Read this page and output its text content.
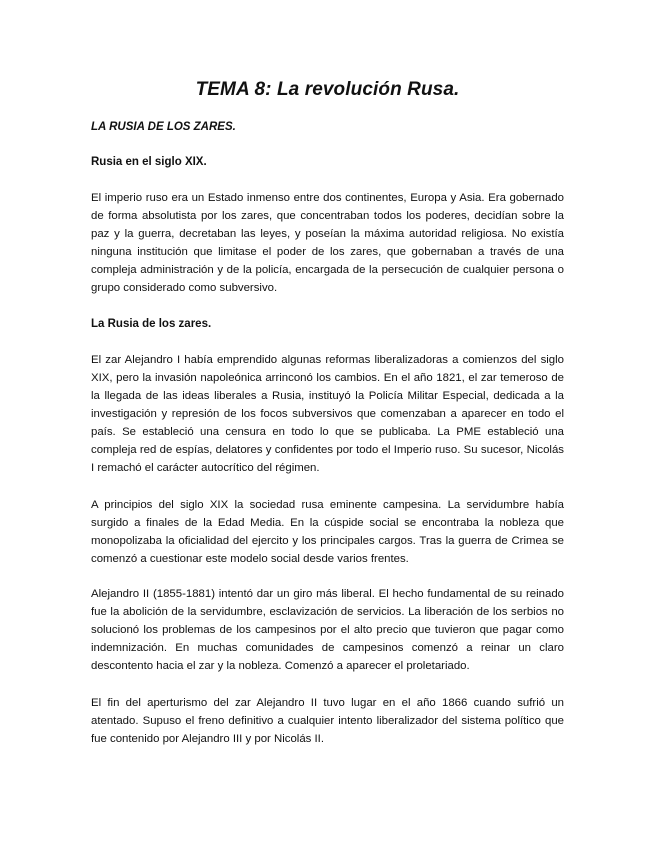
TEMA 8: La revolución Rusa.
LA RUSIA DE LOS ZARES.
Rusia en el siglo XIX.
El imperio ruso era un Estado inmenso entre dos continentes, Europa y Asia. Era gobernado de forma absolutista por los zares, que concentraban todos los poderes, decidían sobre la paz y la guerra, decretaban las leyes, y poseían la máxima autoridad religiosa. No existía ninguna institución que limitase el poder de los zares, que gobernaban a través de una compleja administración y de la policía, encargada de la persecución de cualquier persona o grupo considerado como subversivo.
La Rusia de los zares.
El zar Alejandro I había emprendido algunas reformas liberalizadoras a comienzos del siglo XIX, pero la invasión napoleónica arrinconó los cambios. En el año 1821, el zar temeroso de la llegada de las ideas liberales a Rusia, instituyó la Policía Militar Especial, dedicada a la investigación y represión de los focos subversivos que comenzaban a aparecer en todo el país. Se estableció una censura en todo lo que se publicaba. La PME estableció una compleja red de espías, delatores y confidentes por todo el Imperio ruso. Su sucesor, Nicolás I remachó el carácter autocrítico del régimen.
A principios del siglo XIX la sociedad rusa eminente campesina. La servidumbre había surgido a finales de la Edad Media. En la cúspide social se encontraba la nobleza que monopolizaba la oficialidad del ejercito y los principales cargos. Tras la guerra de Crimea se comenzó a cuestionar este modelo social desde varios frentes.
Alejandro II (1855-1881) intentó dar un giro más liberal. El hecho fundamental de su reinado fue la abolición de la servidumbre, esclavización de servicios. La liberación de los serbios no solucionó los problemas de los campesinos por el alto precio que tuvieron que pagar como indemnización. En muchas comunidades de campesinos comenzó a reinar un claro descontento hacia el zar y la nobleza. Comenzó a aparecer el proletariado.
El fin del aperturismo del zar Alejandro II tuvo lugar en el año 1866 cuando sufrió un atentado. Supuso el freno definitivo a cualquier intento liberalizador del sistema político que fue contenido por Alejandro III y por Nicolás II.
